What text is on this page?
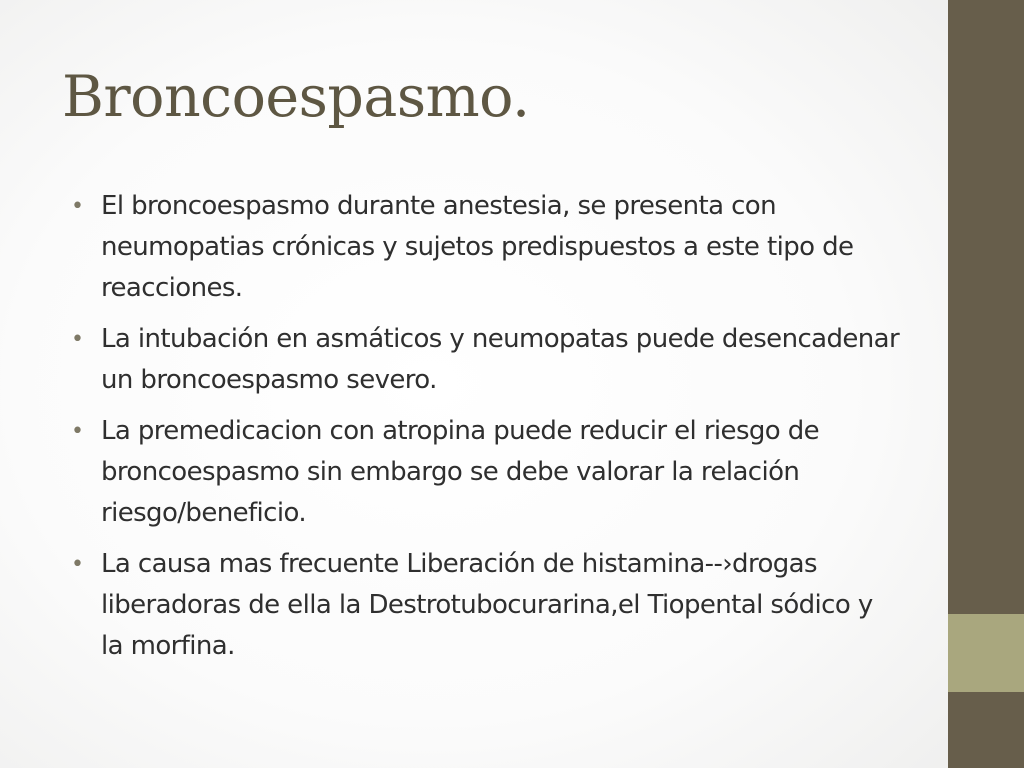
Broncoespasmo.
• El broncoespasmo durante anestesia, se presenta con neumopatias crónicas y sujetos predispuestos a este tipo de reacciones.
• La intubación en asmáticos y neumopatas puede desencadenar un broncoespasmo severo.
• La premedicacion con atropina puede reducir el riesgo de broncoespasmo sin embargo se debe valorar la relación riesgo/beneficio.
• La causa mas frecuente Liberación de histamina--›drogas liberadoras de ella la Destrotubocurarina,el Tiopental sódico y la morfina.
